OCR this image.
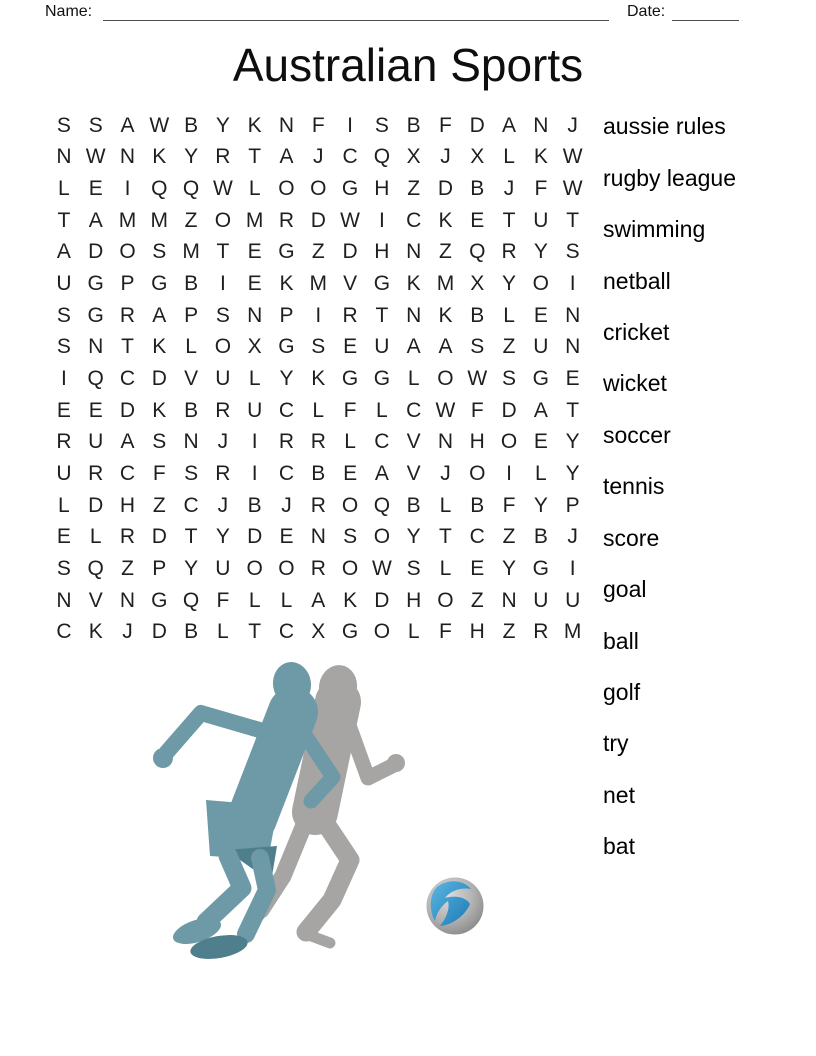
Name:	Date:
Australian Sports
S S A W B Y K N F	I	S B F D A N J
N W N K Y R T A J C Q X J X L K W
L E	I Q Q W L O O G H Z D B J F W
T A M M Z O M R D W I	C K E T U T
A D O S M T E G Z D H N Z Q R Y S
U G P G B	I	E K M V G K M X Y O I
S G R A P S N P	I	R T N K B L E N
S N T K L O X G S E U A A S Z U N
I Q C D V U L Y K G G L O W S G E
E E D K B R U C L F L C W F D A T
R U A S N J	I	R R L C V N H O E Y
U R C F S R	I	C B E A V J O I	L Y
L D H Z C J B J R O Q B L B F Y P
E L R D T Y D E N S O Y T C Z B J
S Q Z P Y U O O R O W S L E Y G I
N V N G Q F L L A K D H O Z N U U
C K J D B L T C X G O L F H Z R M
aussie rules
rugby league
swimming
netball
cricket
wicket
soccer
tennis
score
goal
ball
golf
try
net
bat
